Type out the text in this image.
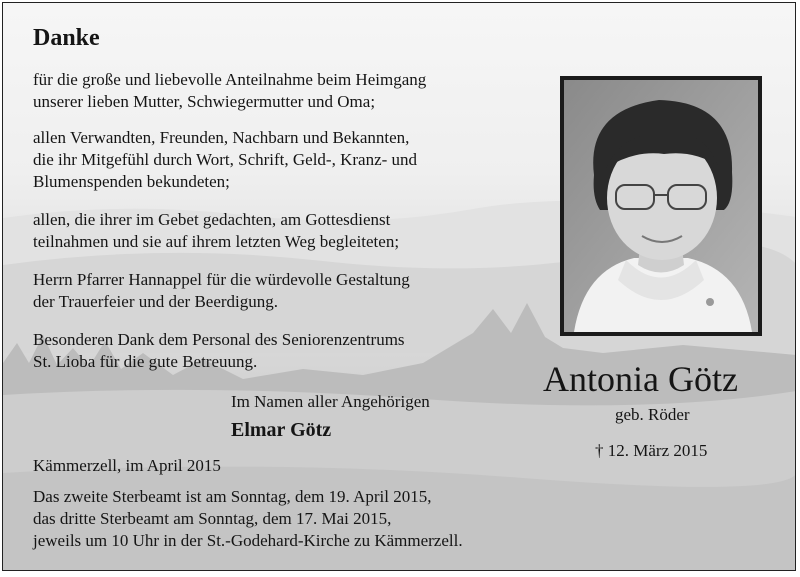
Danke

für die große und liebevolle Anteilnahme beim Heimgang
unserer lieben Mutter, Schwiegermutter und Oma;

allen Verwandten, Freunden, Nachbarn und Bekannten,
die ihr Mitgefühl durch Wort, Schrift, Geld-, Kranz- und
Blumenspenden bekundeten;

allen, die ihrer im Gebet gedachten, am Gottesdienst
teilnahmen und sie auf ihrem letzten Weg begleiteten;

Herrn Pfarrer Hannappel für die würdevolle Gestaltung
der Trauerfeier und der Beerdigung.

Besonderen Dank dem Personal des Seniorenzentrums
St. Lioba für die gute Betreuung.

Im Namen aller Angehörigen
Elmar Götz
Kämmerzell, im April 2015
Das zweite Sterbeamt ist am Sonntag, dem 19. April 2015,
das dritte Sterbeamt am Sonntag, dem 17. Mai 2015,
jeweils um 10 Uhr in der St.-Godehard-Kirche zu Kämmerzell.
Antonia Götz
geb. Röder
† 12. März 2015
